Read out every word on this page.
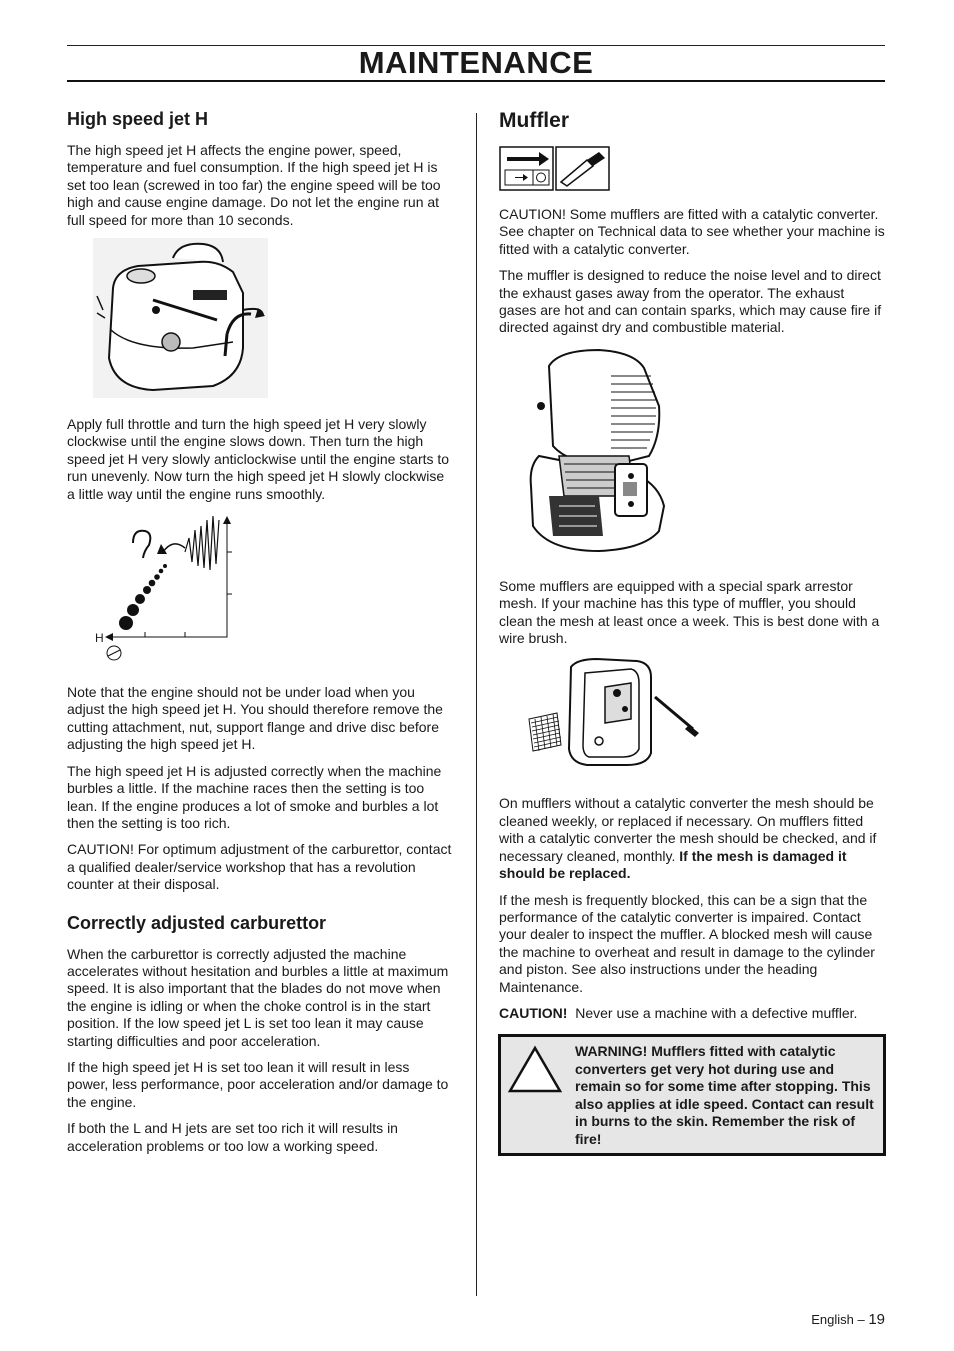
MAINTENANCE
High speed jet H

The high speed jet H affects the engine power, speed, temperature and fuel consumption. If the high speed jet H is set too lean (screwed in too far) the engine speed will be too high and cause engine damage. Do not let the engine run at full speed for more than 10 seconds.

Apply full throttle and turn the high speed jet H very slowly clockwise until the engine slows down. Then turn the high speed jet H very slowly anticlockwise until the engine starts to run unevenly. Now turn the high speed jet H slowly clockwise a little way until the engine runs smoothly.

H

Note that the engine should not be under load when you adjust the high speed jet H. You should therefore remove the cutting attachment, nut, support flange and drive disc before adjusting the high speed jet H.

The high speed jet H is adjusted correctly when the machine burbles a little. If the machine races then the setting is too lean. If the engine produces a lot of smoke and burbles a lot then the setting is too rich.

CAUTION! For optimum adjustment of the carburettor, contact a qualified dealer/service workshop that has a revolution counter at their disposal.

Correctly adjusted carburettor

When the carburettor is correctly adjusted the machine accelerates without hesitation and burbles a little at maximum speed. It is also important that the blades do not move when the engine is idling or when the choke control is in the start position. If the low speed jet L is set too lean it may cause starting difficulties and poor acceleration.

If the high speed jet H is set too lean it will result in less power, less performance, poor acceleration and/or damage to the engine.

If both the L and H jets are set too rich it will results in acceleration problems or too low a working speed.

Muffler

CAUTION! Some mufflers are fitted with a catalytic converter. See chapter on Technical data to see whether your machine is fitted with a catalytic converter.

The muffler is designed to reduce the noise level and to direct the exhaust gases away from the operator. The exhaust gases are hot and can contain sparks, which may cause fire if directed against dry and combustible material.

Some mufflers are equipped with a special spark arrestor mesh. If your machine has this type of muffler, you should clean the mesh at least once a week. This is best done with a wire brush.

On mufflers without a catalytic converter the mesh should be cleaned weekly, or replaced if necessary. On mufflers fitted with a catalytic converter the mesh should be checked, and if necessary cleaned, monthly. If the mesh is damaged it should be replaced.

If the mesh is frequently blocked, this can be a sign that the performance of the catalytic converter is impaired. Contact your dealer to inspect the muffler. A blocked mesh will cause the machine to overheat and result in damage to the cylinder and piston. See also instructions under the heading Maintenance.

CAUTION!  Never use a machine with a defective muffler.

WARNING! Mufflers fitted with catalytic converters get very hot during use and remain so for some time after stopping. This also applies at idle speed. Contact can result in burns to the skin. Remember the risk of fire!

English – 19
